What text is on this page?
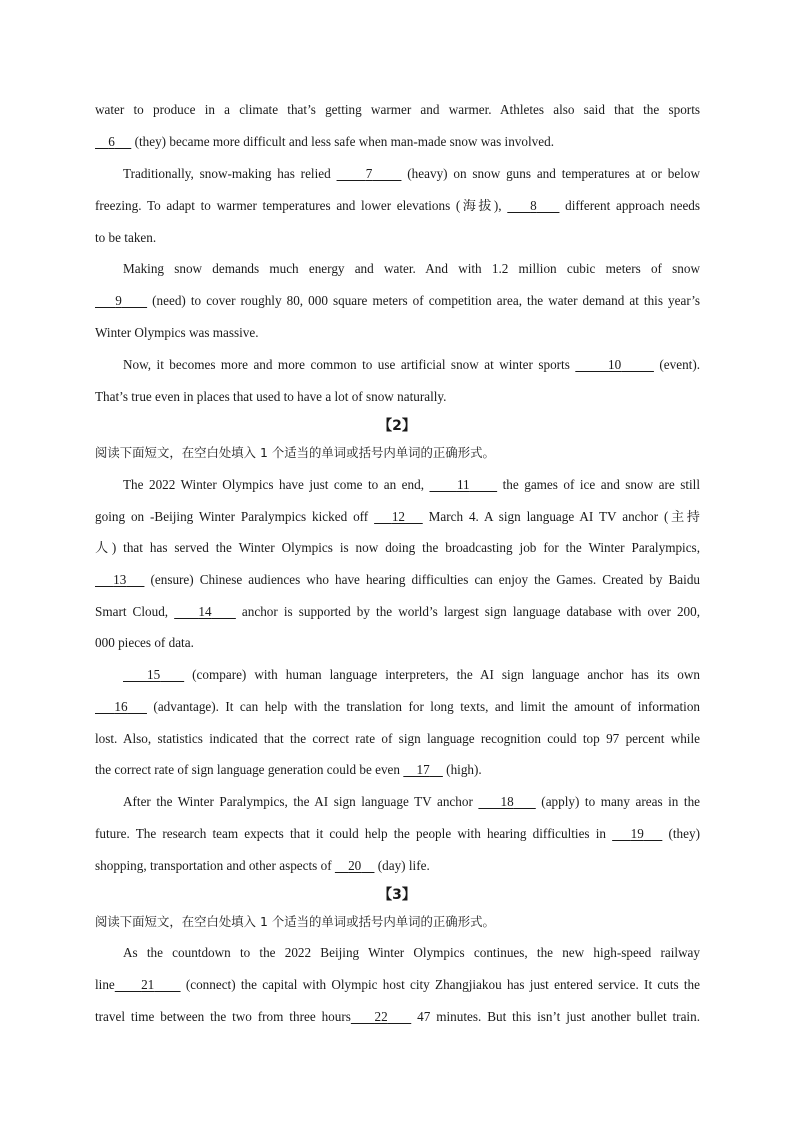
water to produce in a climate that’s getting warmer and warmer. Athletes also said that the sports
6      (they) became more difficult and less safe when man-made snow was involved.
Traditionally, snow-making has relied      7      (heavy) on snow guns and temperatures at or below
freezing. To adapt to warmer temperatures and lower elevations (海拔),     8     different approach needs
to be taken.
Making snow demands much energy and water. And with 1.2 million cubic meters of snow
9      (need) to cover roughly 80, 000 square meters of competition area, the water demand at this year’s
Winter Olympics was massive.
Now, it becomes more and more common to use artificial snow at winter sports       10       (event).
That’s true even in places that used to have a lot of snow naturally.
【2】
阅读下面短文，在空白处填入 1 个适当的单词或括号内单词的正确形式。
The 2022 Winter Olympics have just come to an end,      11      the games of ice and snow are still
going on -Beijing Winter Paralympics kicked off    12    March 4. A sign language AI TV anchor (主持
人) that has served the Winter Olympics is now doing the broadcasting job for the Winter Paralympics,
13    (ensure) Chinese audiences who have hearing difficulties can enjoy the Games. Created by Baidu
Smart Cloud,     14     anchor is supported by the world’s largest sign language database with over 200,
000 pieces of data.
15    (compare) with human language interpreters, the AI sign language anchor has its own
16    (advantage). It can help with the translation for long texts, and limit the amount of information
lost. Also, statistics indicated that the correct rate of sign language recognition could top 97 percent while
the correct rate of sign language generation could be even     17     (high).
After the Winter Paralympics, the AI sign language TV anchor     18     (apply) to many areas in the
future. The research team expects that it could help the people with hearing difficulties in    19    (they)
shopping, transportation and other aspects of     20     (day) life.
【3】
阅读下面短文，在空白处填入 1 个适当的单词或括号内单词的正确形式。
As the countdown to the 2022 Beijing Winter Olympics continues, the new high-speed railway
line 21      (connect) the capital with Olympic host city Zhangjiakou has just entered service. It cuts the
travel time between the two from three hours 22     47 minutes. But this isn’t just another bullet train.
